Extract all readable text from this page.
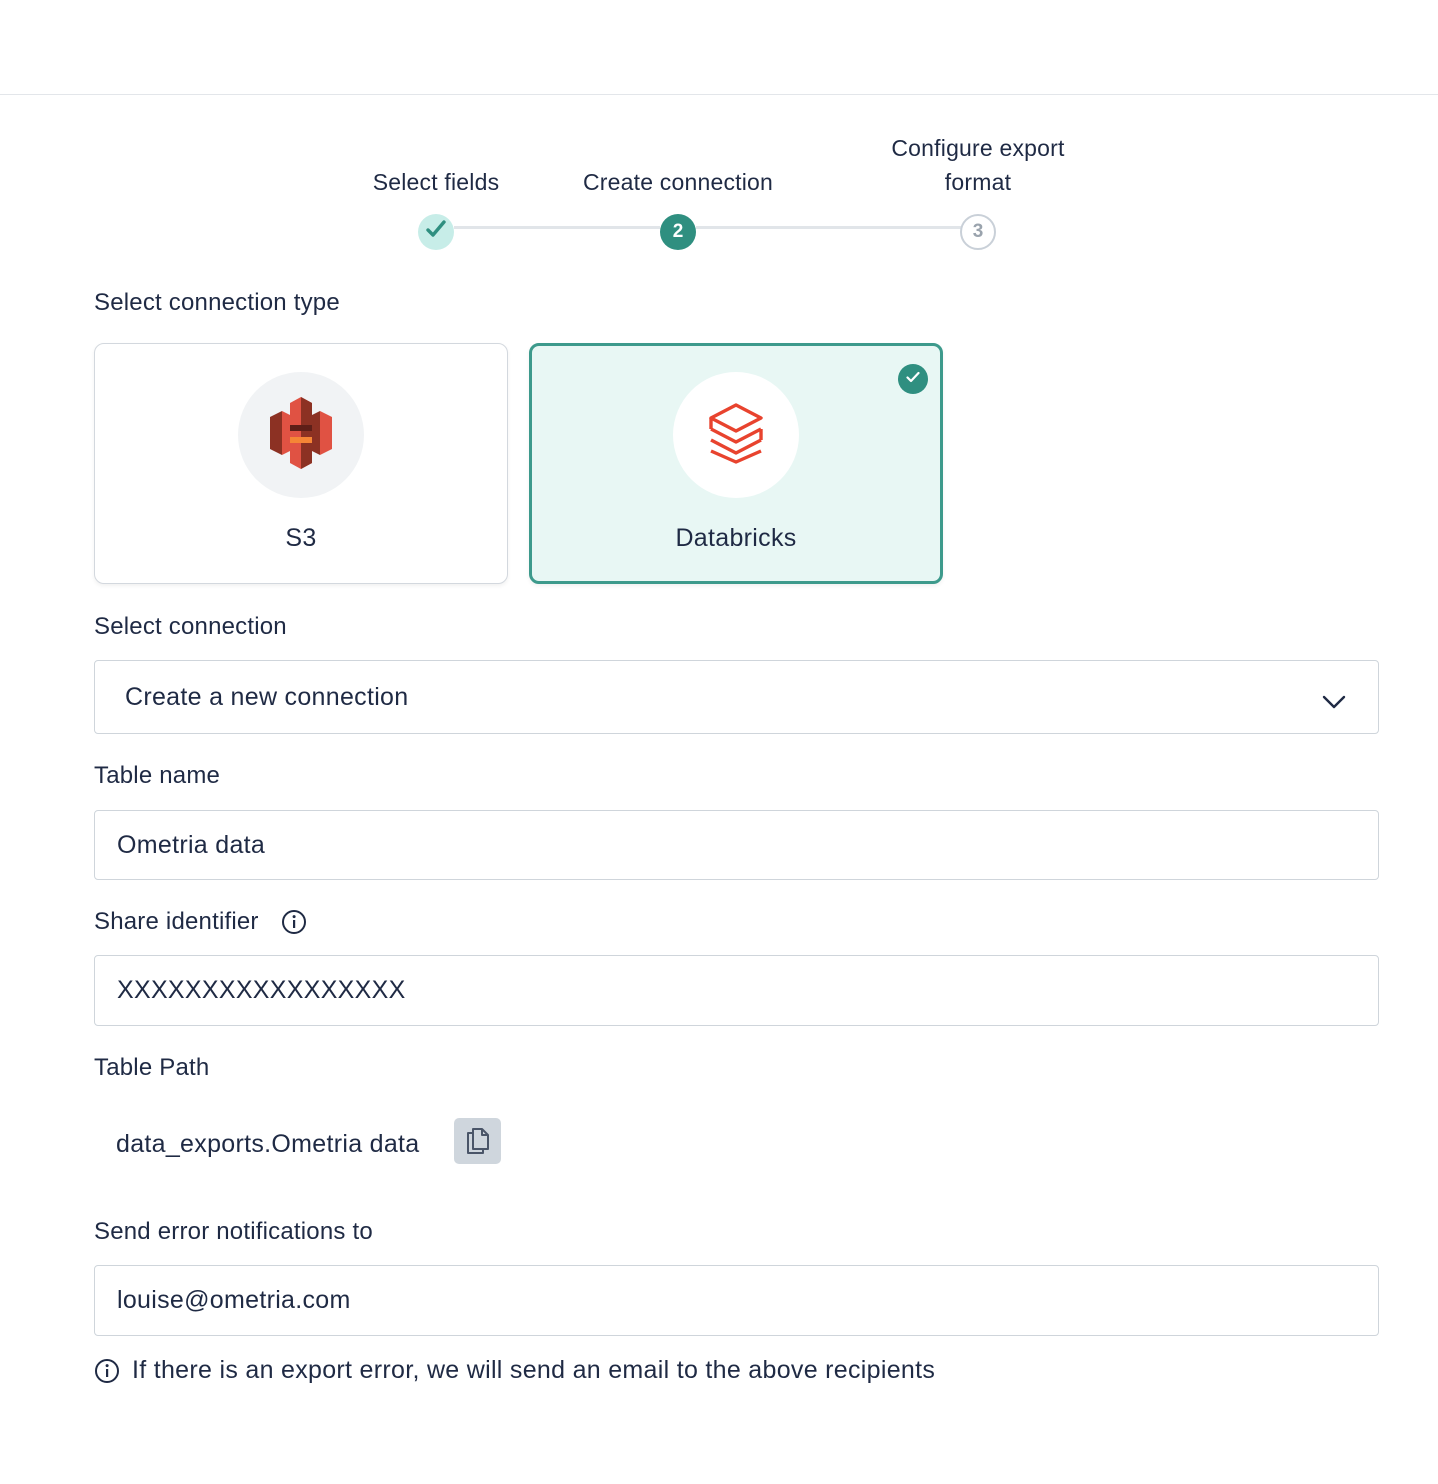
Select fields	Create connection
Configure export
format
2	3
Select connection type
S3	Databricks
Select connection
Create a new connection
Table name
Ometria data
Share identifier
XXXXXXXXXXXXXXXXX
Table Path
data_exports.Ometria data
Send error notifications to
louise@ometria.com
If there is an export error, we will send an email to the above recipients
